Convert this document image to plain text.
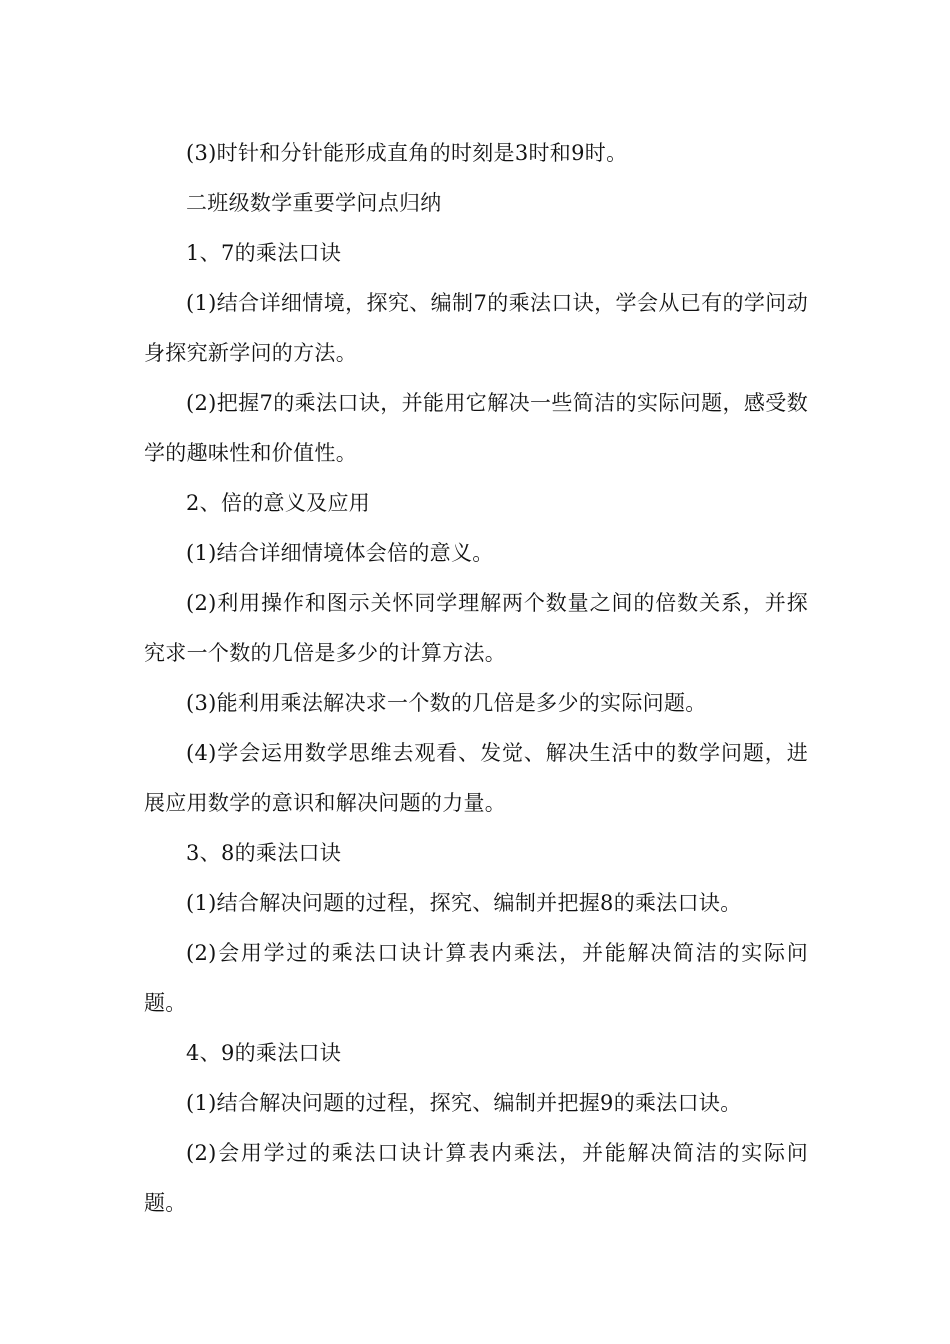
(3)时针和分针能形成直角的时刻是3时和9时。

二班级数学重要学问点归纳

1、7的乘法口诀

(1)结合详细情境，探究、编制7的乘法口诀，学会从已有的学问动身探究新学问的方法。

(2)把握7的乘法口诀，并能用它解决一些简洁的实际问题，感受数学的趣味性和价值性。

2、倍的意义及应用

(1)结合详细情境体会倍的意义。

(2)利用操作和图示关怀同学理解两个数量之间的倍数关系，并探究求一个数的几倍是多少的计算方法。

(3)能利用乘法解决求一个数的几倍是多少的实际问题。

(4)学会运用数学思维去观看、发觉、解决生活中的数学问题，进展应用数学的意识和解决问题的力量。

3、8的乘法口诀

(1)结合解决问题的过程，探究、编制并把握8的乘法口诀。

(2)会用学过的乘法口诀计算表内乘法，并能解决简洁的实际问题。

4、9的乘法口诀

(1)结合解决问题的过程，探究、编制并把握9的乘法口诀。

(2)会用学过的乘法口诀计算表内乘法，并能解决简洁的实际问题。
